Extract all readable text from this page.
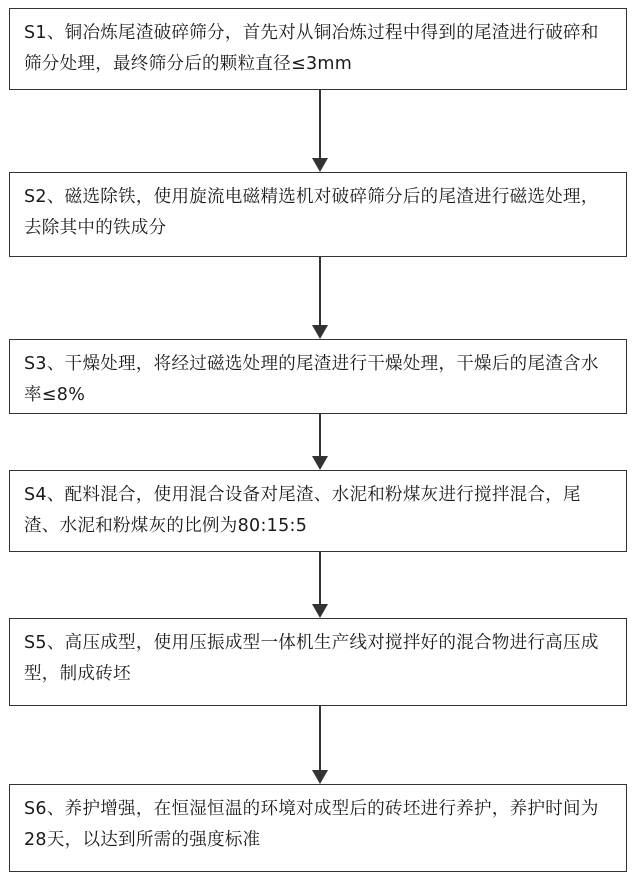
S1、铜冶炼尾渣破碎筛分，首先对从铜冶炼过程中得到的尾渣进行破碎和筛分处理，最终筛分后的颗粒直径≤3mm
S2、磁选除铁，使用旋流电磁精选机对破碎筛分后的尾渣进行磁选处理，去除其中的铁成分
S3、干燥处理，将经过磁选处理的尾渣进行干燥处理，干燥后的尾渣含水率≤8%
S4、配料混合，使用混合设备对尾渣、水泥和粉煤灰进行搅拌混合，尾渣、水泥和粉煤灰的比例为80:15:5
S5、高压成型，使用压振成型一体机生产线对搅拌好的混合物进行高压成型，制成砖坯
S6、养护增强，在恒湿恒温的环境对成型后的砖坯进行养护，养护时间为28天，以达到所需的强度标准
